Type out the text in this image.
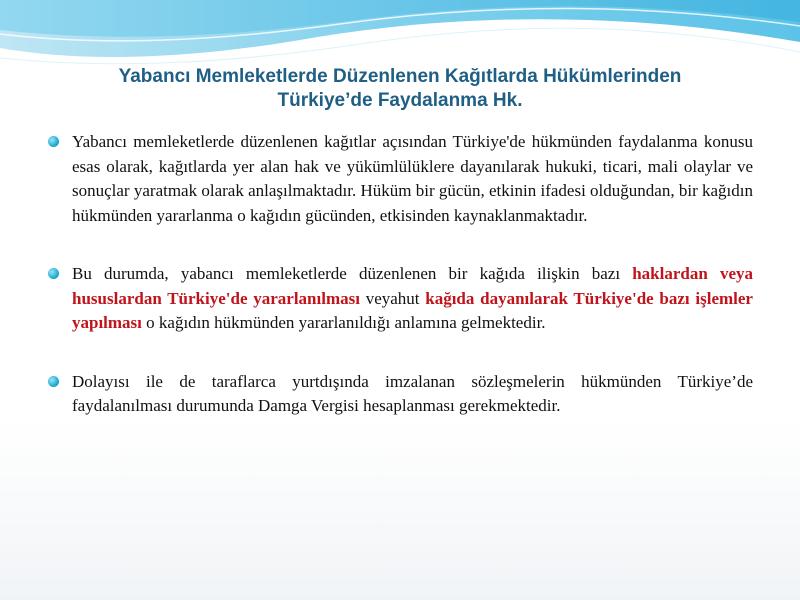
Yabancı Memleketlerde Düzenlenen Kağıtlarda Hükümlerinden
Türkiye’de Faydalanma Hk.
Yabancı memleketlerde düzenlenen kağıtlar açısından Türkiye'de hükmünden faydalanma konusu esas olarak, kağıtlarda yer alan hak ve yükümlülüklere dayanılarak hukuki, ticari, mali olaylar ve sonuçlar yaratmak olarak anlaşılmaktadır. Hüküm bir gücün, etkinin ifadesi olduğundan, bir kağıdın hükmünden yararlanma o kağıdın gücünden, etkisinden kaynaklanmaktadır.
Bu durumda, yabancı memleketlerde düzenlenen bir kağıda ilişkin bazı haklardan veya hususlardan Türkiye'de yararlanılması veyahut kağıda dayanılarak Türkiye'de bazı işlemler yapılması o kağıdın hükmünden yararlanıldığı anlamına gelmektedir.
Dolayısı ile de taraflarca yurtdışında imzalanan sözleşmelerin hükmünden Türkiye’de faydalanılması durumunda Damga Vergisi hesaplanması gerekmektedir.
